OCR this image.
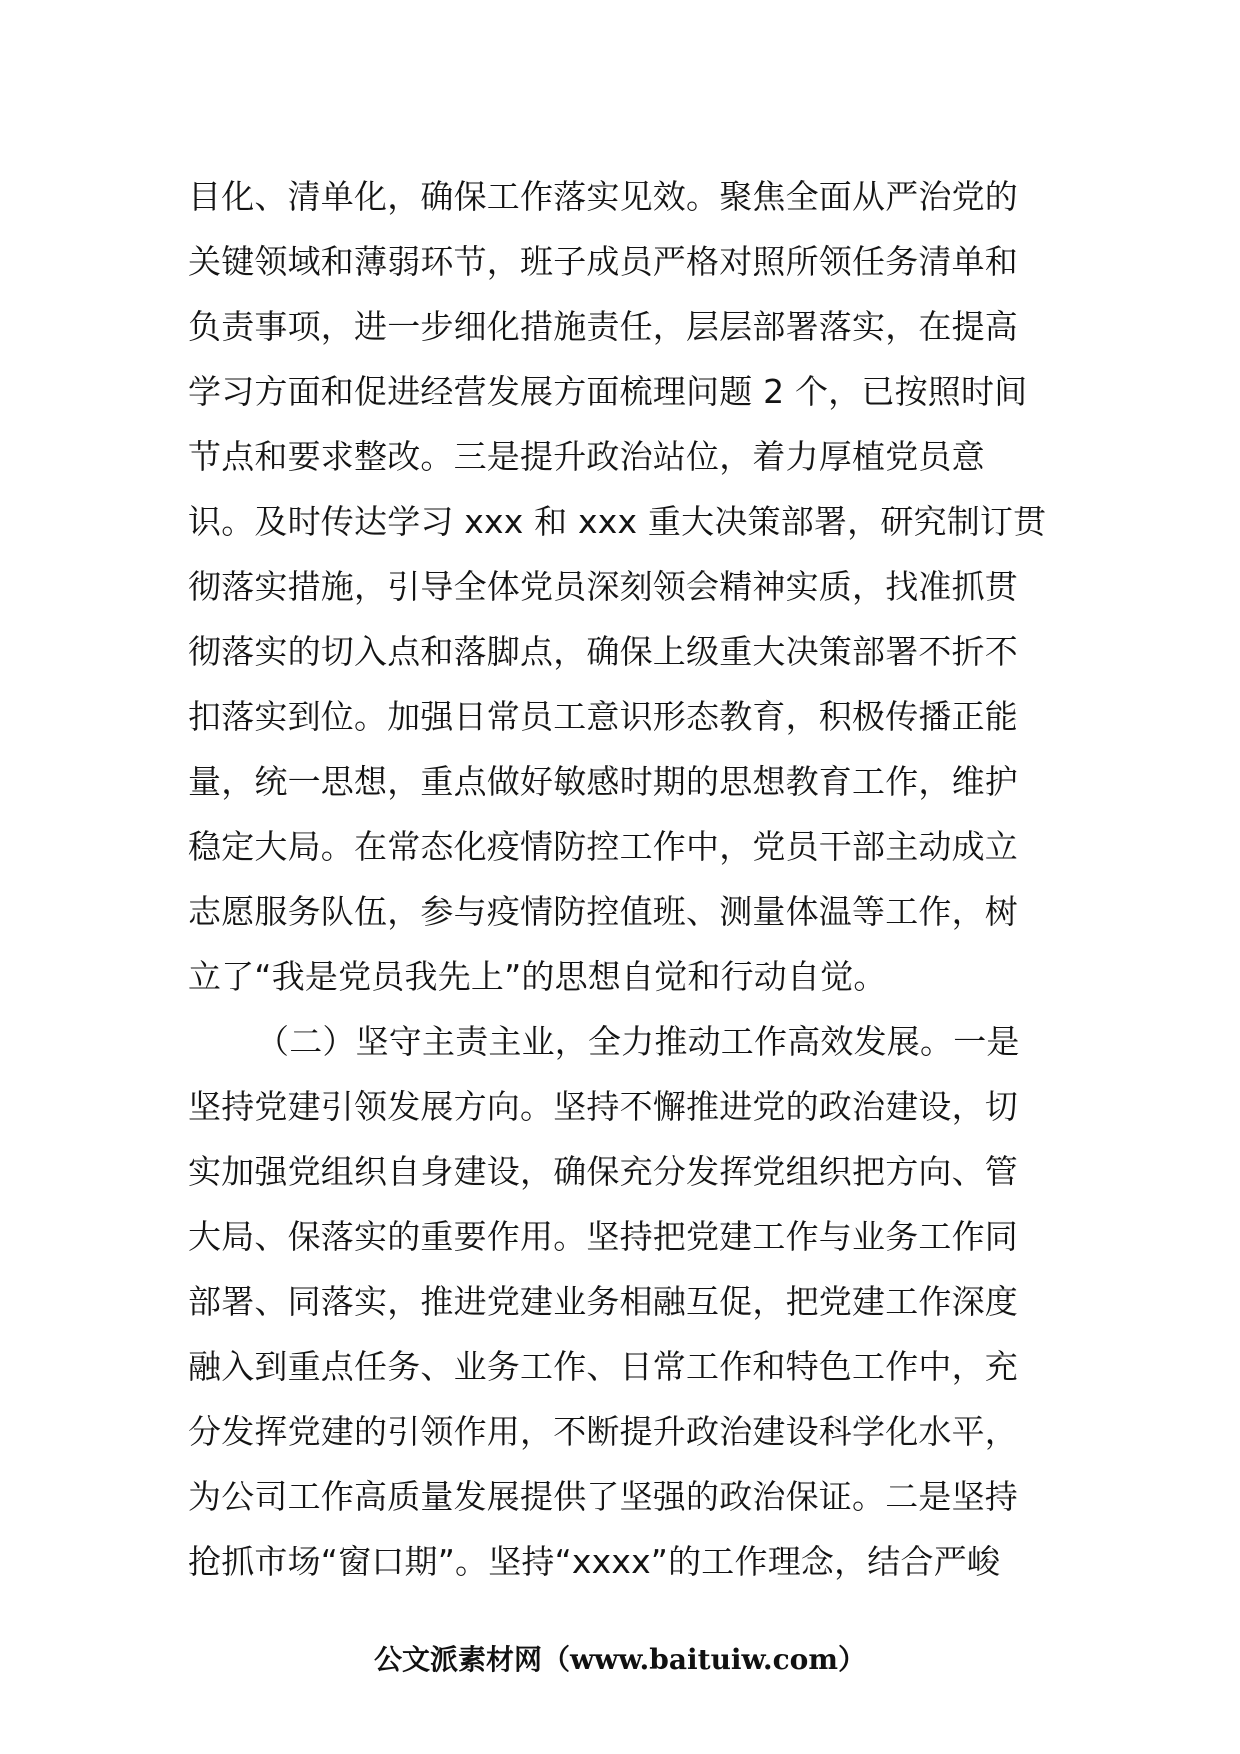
目化、清单化，确保工作落实见效。聚焦全面从严治党的
关键领域和薄弱环节，班子成员严格对照所领任务清单和
负责事项，进一步细化措施责任，层层部署落实，在提高
学习方面和促进经营发展方面梳理问题 2 个，已按照时间
节点和要求整改。三是提升政治站位，着力厚植党员意
识。及时传达学习 xxx 和 xxx 重大决策部署，研究制订贯
彻落实措施，引导全体党员深刻领会精神实质，找准抓贯
彻落实的切入点和落脚点，确保上级重大决策部署不折不
扣落实到位。加强日常员工意识形态教育，积极传播正能
量，统一思想，重点做好敏感时期的思想教育工作，维护
稳定大局。在常态化疫情防控工作中，党员干部主动成立
志愿服务队伍，参与疫情防控值班、测量体温等工作，树
立了“我是党员我先上”的思想自觉和行动自觉。
（二）坚守主责主业，全力推动工作高效发展。一是
坚持党建引领发展方向。坚持不懈推进党的政治建设，切
实加强党组织自身建设，确保充分发挥党组织把方向、管
大局、保落实的重要作用。坚持把党建工作与业务工作同
部署、同落实，推进党建业务相融互促，把党建工作深度
融入到重点任务、业务工作、日常工作和特色工作中，充
分发挥党建的引领作用，不断提升政治建设科学化水平，
为公司工作高质量发展提供了坚强的政治保证。二是坚持
抢抓市场“窗口期”。坚持“xxxx”的工作理念，结合严峻
公文派素材网（www.baituiw.com）
